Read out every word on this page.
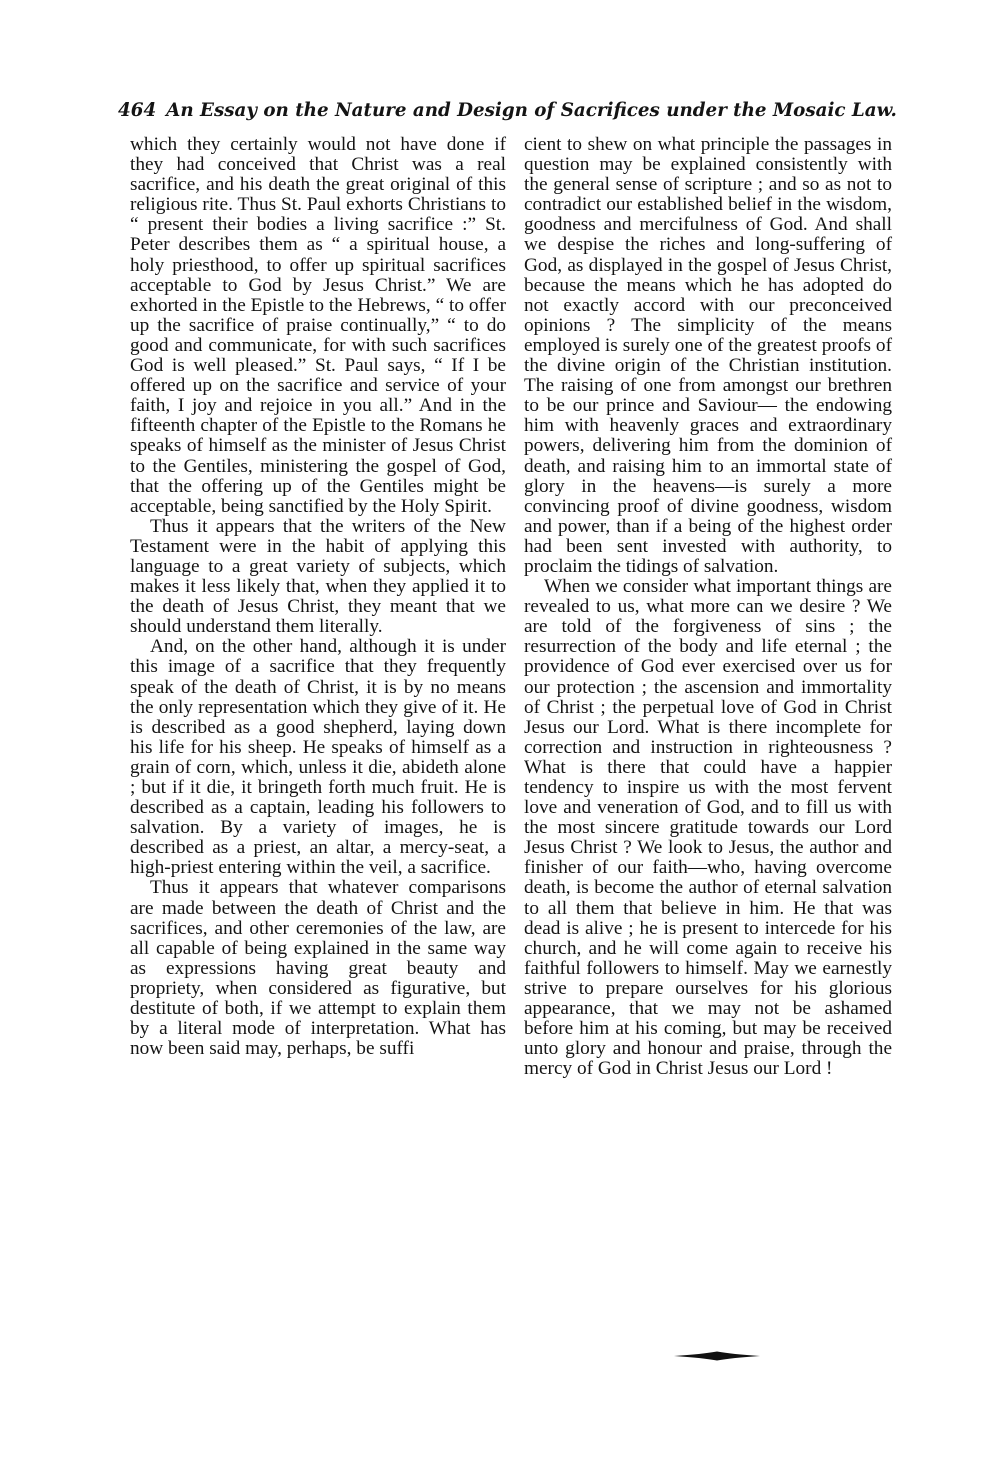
464 An Essay on the Nature and Design of Sacrifices under the Mosaic Law.

which they certainly would not have done if they had conceived that Christ was a real sacrifice, and his death the great original of this religious rite. Thus St. Paul exhorts Christians to “ present their bodies a living sacrifice :” St. Peter describes them as “ a spiritual house, a holy priesthood, to offer up spiritual sacrifices acceptable to God by Jesus Christ.” We are exhorted in the Epistle to the Hebrews, “ to offer up the sacrifice of praise continually,” “ to do good and communicate, for with such sacrifices God is well pleased.” St. Paul says, “ If I be offered up on the sacrifice and service of your faith, I joy and rejoice in you all.” And in the fifteenth chapter of the Epistle to the Romans he speaks of himself as the minister of Jesus Christ to the Gentiles, ministering the gospel of God, that the offering up of the Gentiles might be acceptable, being sanctified by the Holy Spirit.

Thus it appears that the writers of the New Testament were in the habit of applying this language to a great variety of subjects, which makes it less likely that, when they applied it to the death of Jesus Christ, they meant that we should understand them literally.

And, on the other hand, although it is under this image of a sacrifice that they frequently speak of the death of Christ, it is by no means the only representation which they give of it. He is described as a good shepherd, laying down his life for his sheep. He speaks of himself as a grain of corn, which, unless it die, abideth alone ; but if it die, it bringeth forth much fruit. He is described as a captain, leading his followers to salvation. By a variety of images, he is described as a priest, an altar, a mercy-seat, a high-priest entering within the veil, a sacrifice.

Thus it appears that whatever comparisons are made between the death of Christ and the sacrifices, and other ceremonies of the law, are all capable of being explained in the same way as expressions having great beauty and propriety, when considered as figurative, but destitute of both, if we attempt to explain them by a literal mode of interpretation. What has now been said may, perhaps, be suffi

cient to shew on what principle the passages in question may be explained consistently with the general sense of scripture ; and so as not to contradict our established belief in the wisdom, goodness and mercifulness of God. And shall we despise the riches and long-suffering of God, as displayed in the gospel of Jesus Christ, because the means which he has adopted do not exactly accord with our preconceived opinions ? The simplicity of the means employed is surely one of the greatest proofs of the divine origin of the Christian institution. The raising of one from amongst our brethren to be our prince and Saviour— the endowing him with heavenly graces and extraordinary powers, delivering him from the dominion of death, and raising him to an immortal state of glory in the heavens—is surely a more convincing proof of divine goodness, wisdom and power, than if a being of the highest order had been sent invested with authority, to proclaim the tidings of salvation.

When we consider what important things are revealed to us, what more can we desire ? We are told of the forgiveness of sins ; the resurrection of the body and life eternal ; the providence of God ever exercised over us for our protection ; the ascension and immortality of Christ ; the perpetual love of God in Christ Jesus our Lord. What is there incomplete for correction and instruction in righteousness ? What is there that could have a happier tendency to inspire us with the most fervent love and veneration of God, and to fill us with the most sincere gratitude towards our Lord Jesus Christ ? We look to Jesus, the author and finisher of our faith—who, having overcome death, is become the author of eternal salvation to all them that believe in him. He that was dead is alive ; he is present to intercede for his church, and he will come again to receive his faithful followers to himself. May we earnestly strive to prepare ourselves for his glorious appearance, that we may not be ashamed before him at his coming, but may be received unto glory and honour and praise, through the mercy of God in Christ Jesus our Lord !
